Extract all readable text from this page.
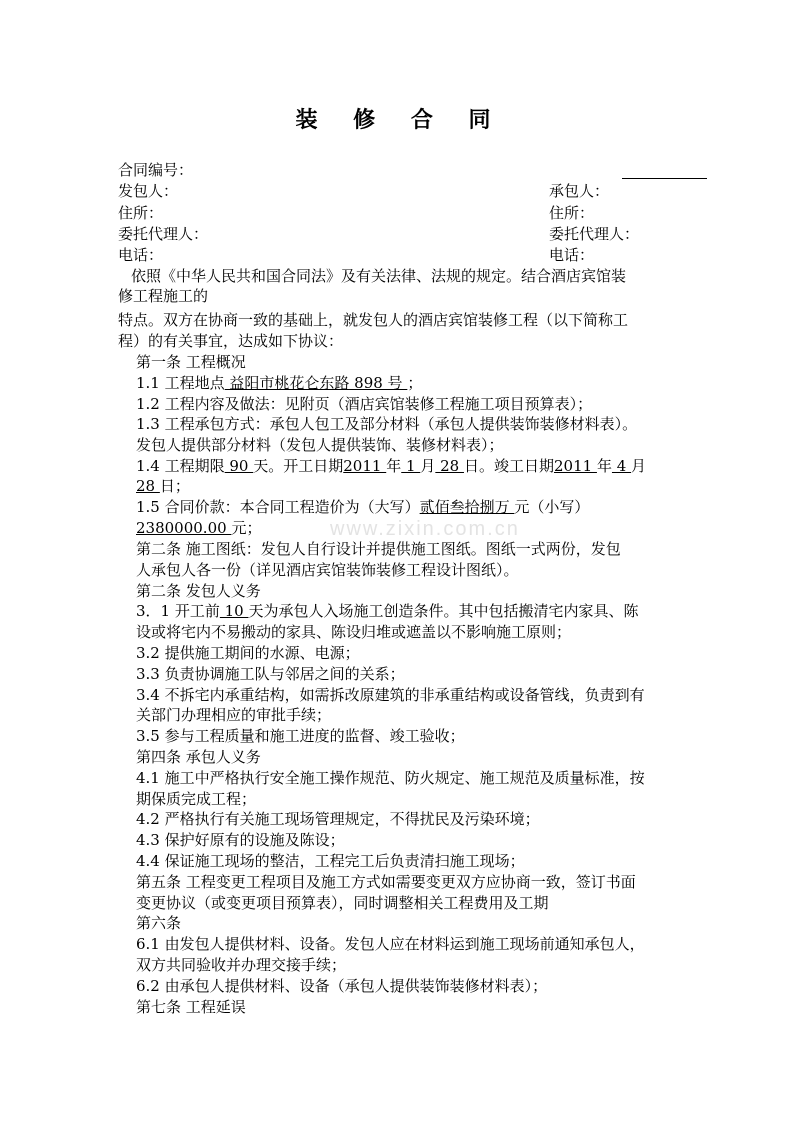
www.zixin.com.cn
装 修 合 同
合同编号：
发包人：	承包人：
住所：	住所：
委托代理人：	委托代理人：
电话：	电话：
依照《中华人民共和国合同法》及有关法律、法规的规定。结合酒店宾馆装
修工程施工的
特点。双方在协商一致的基础上，就发包人的酒店宾馆装修工程（以下简称工
程）的有关事宜，达成如下协议：
第一条 工程概况
1.1 工程地点 益阳市桃花仑东路 898 号 ；
1.2 工程内容及做法：见附页（酒店宾馆装修工程施工项目预算表）；
1.3 工程承包方式：承包人包工及部分材料（承包人提供装饰装修材料表）。
发包人提供部分材料（发包人提供装饰、装修材料表）；
1.4 工程期限 90 天。开工日期2011 年 1 月 28 日。竣工日期2011 年 4 月
28 日；
1.5 合同价款：本合同工程造价为（大写）贰佰叁拾捌万 元（小写）
2380000.00 元；
第二条 施工图纸：发包人自行设计并提供施工图纸。图纸一式两份，发包
人承包人各一份（详见酒店宾馆装饰装修工程设计图纸）。
第二条 发包人义务
3．1 开工前 10 天为承包人入场施工创造条件。其中包括搬清宅内家具、陈
设或将宅内不易搬动的家具、陈设归堆或遮盖以不影响施工原则；
3.2 提供施工期间的水源、电源；
3.3 负责协调施工队与邻居之间的关系；
3.4 不拆宅内承重结构，如需拆改原建筑的非承重结构或设备管线，负责到有
关部门办理相应的审批手续；
3.5 参与工程质量和施工进度的监督、竣工验收；
第四条 承包人义务
4.1 施工中严格执行安全施工操作规范、防火规定、施工规范及质量标准，按
期保质完成工程；
4.2 严格执行有关施工现场管理规定，不得扰民及污染环境；
4.3 保护好原有的设施及陈设；
4.4 保证施工现场的整洁，工程完工后负责清扫施工现场；
第五条 工程变更工程项目及施工方式如需要变更双方应协商一致，签订书面
变更协议（或变更项目预算表），同时调整相关工程费用及工期
第六条
6.1 由发包人提供材料、设备。发包人应在材料运到施工现场前通知承包人，
双方共同验收并办理交接手续；
6.2 由承包人提供材料、设备（承包人提供装饰装修材料表）；
第七条 工程延误
